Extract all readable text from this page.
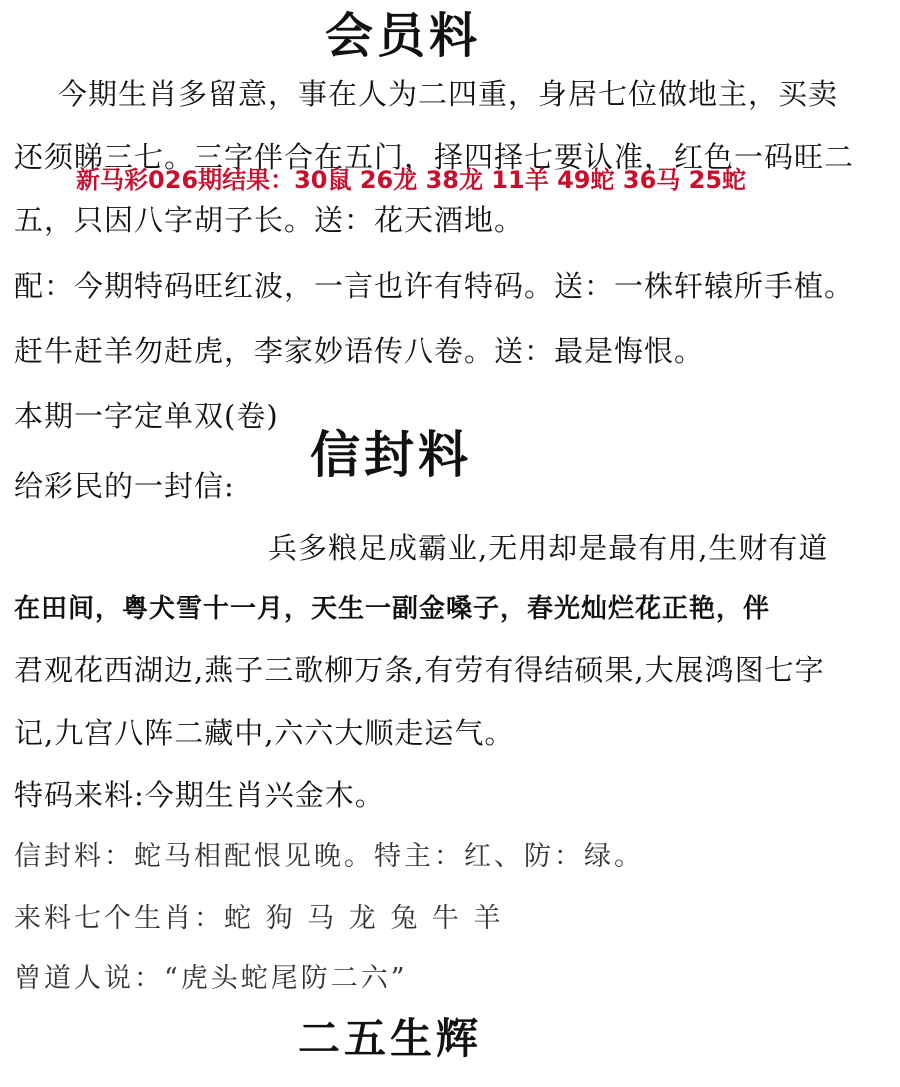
会员料
今期生肖多留意，事在人为二四重，身居七位做地主，买卖
还须睇三七。三字伴合在五门，择四择七要认准，红色一码旺二
新马彩026期结果：30鼠 26龙 38龙 11羊 49蛇 36马 25蛇
五，只因八字胡子长。送：花天酒地。
配：今期特码旺红波，一言也许有特码。送：一株轩辕所手植。
赶牛赶羊勿赶虎，李家妙语传八卷。送：最是悔恨。
本期一字定单双(卷)
信封料
给彩民的一封信:
兵多粮足成霸业,无用却是最有用,生财有道
在田间，粤犬雪十一月，天生一副金嗓子，春光灿烂花正艳，伴
君观花西湖边,燕子三歌柳万条,有劳有得结硕果,大展鸿图七字
记,九宫八阵二藏中,六六大顺走运气。
特码来料:今期生肖兴金木。
信封料：蛇马相配恨见晚。特主：红、防：绿。
来料七个生肖：蛇 狗 马 龙 兔 牛 羊
曾道人说：“虎头蛇尾防二六”
二五生辉
